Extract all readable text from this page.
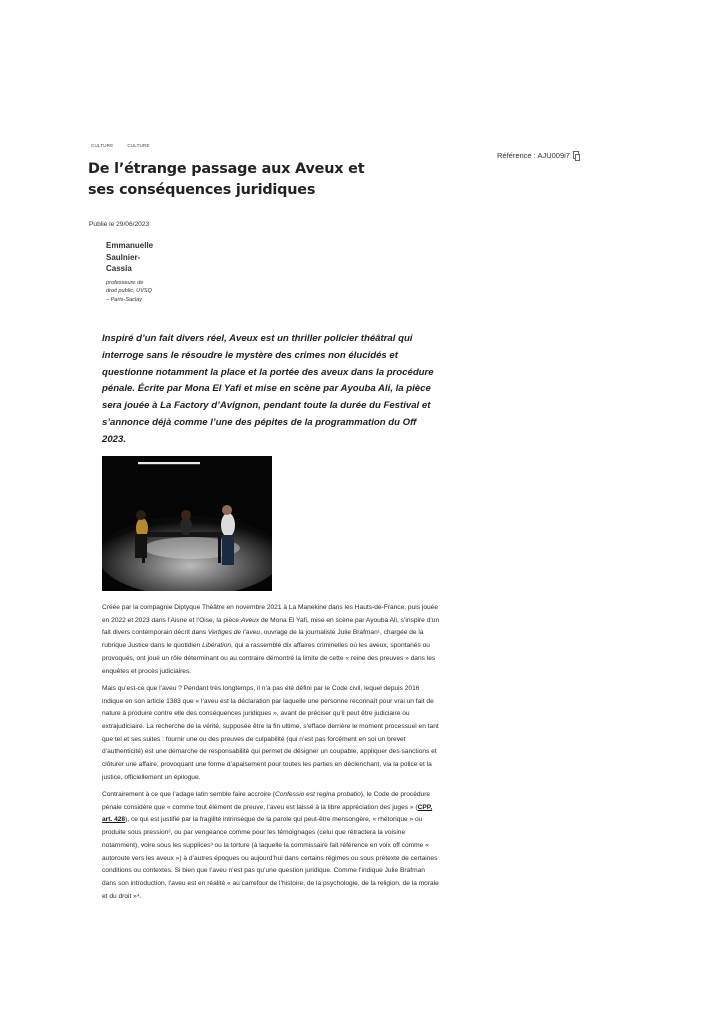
CULTURE	CULTURE
Référence : AJU009i7
De l’étrange passage aux Aveux et ses conséquences juridiques
Publié le 29/06/2023
Emmanuelle
Saulnier-
Cassia
professeure de
droit public, UVSQ
– Paris-Saclay

Inspiré d’un fait divers réel, Aveux est un thriller policier théâtral qui interroge sans le résoudre le mystère des crimes non élucidés et questionne notamment la place et la portée des aveux dans la procédure pénale. Écrite par Mona El Yafi et mise en scène par Ayouba Ali, la pièce sera jouée à La Factory d’Avignon, pendant toute la durée du Festival et s’annonce déjà comme l’une des pépites de la programmation du Off 2023.

Créée par la compagnie Diptyque Théâtre en novembre 2021 à La Manekine dans les Hauts-de-France, puis jouée en 2022 et 2023 dans l’Aisne et l’Oise, la pièce Aveux de Mona El Yafi, mise en scène par Ayouba Ali, s’inspire d’un fait divers contemporain décrit dans Vertiges de l’aveu, ouvrage de la journaliste Julie Brafman¹, chargée de la rubrique Justice dans le quotidien Libération, qui a rassemblé dix affaires criminelles où les aveux, spontanés ou provoqués, ont joué un rôle déterminant ou au contraire démontré la limite de cette « reine des preuves » dans les enquêtes et procès judiciaires.

Mais qu’est-ce que l’aveu ? Pendant très longtemps, il n’a pas été défini par le Code civil, lequel depuis 2016 indique en son article 1383 que « l’aveu est la déclaration par laquelle une personne reconnaît pour vrai un fait de nature à produire contre elle des conséquences juridiques », avant de préciser qu’il peut être judiciaire ou extrajudiciaire. La recherche de la vérité, supposée être la fin ultime, s’efface derrière le moment processuel en tant que tel et ses suites : fournir une ou des preuves de culpabilité (qui n’est pas forcément en soi un brevet d’authenticité) est une démarche de responsabilité qui permet de désigner un coupable, appliquer des sanctions et clôturer une affaire, provoquant une forme d’apaisement pour toutes les parties en déclenchant, via la police et la justice, officiellement un épilogue.

Contrairement à ce que l’adage latin semble faire accroire (Confessio est regina probatio), le Code de procédure pénale considère que « comme tout élément de preuve, l’aveu est laissé à la libre appréciation des juges » (CPP, art. 428), ce qui est justifié par la fragilité intrinsèque de la parole qui peut-être mensongère, « rhétorique » ou produite sous pression², ou par vengeance comme pour les témoignages (celui que rétractera la voisine notamment), voire sous les supplices³ ou la torture (à laquelle la commissaire fait référence en voix off comme « autoroute vers les aveux ») à d’autres époques ou aujourd’hui dans certains régimes ou sous prétexte de certaines conditions ou contextes. Si bien que l’aveu n’est pas qu’une question juridique. Comme l’indique Julie Brafman dans son introduction, l’aveu est en réalité « au carrefour de l’histoire, de la psychologie, de la religion, de la morale et du droit »⁴.
